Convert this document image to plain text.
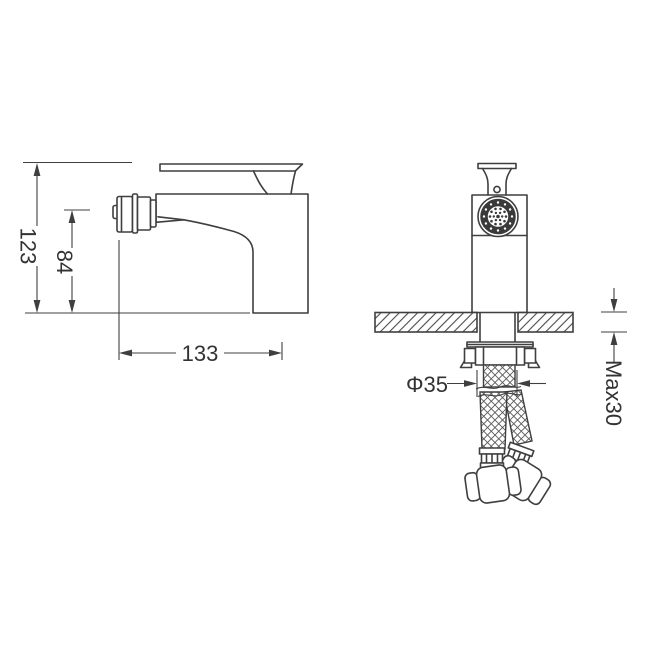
123 84
133
Φ35	Max30
